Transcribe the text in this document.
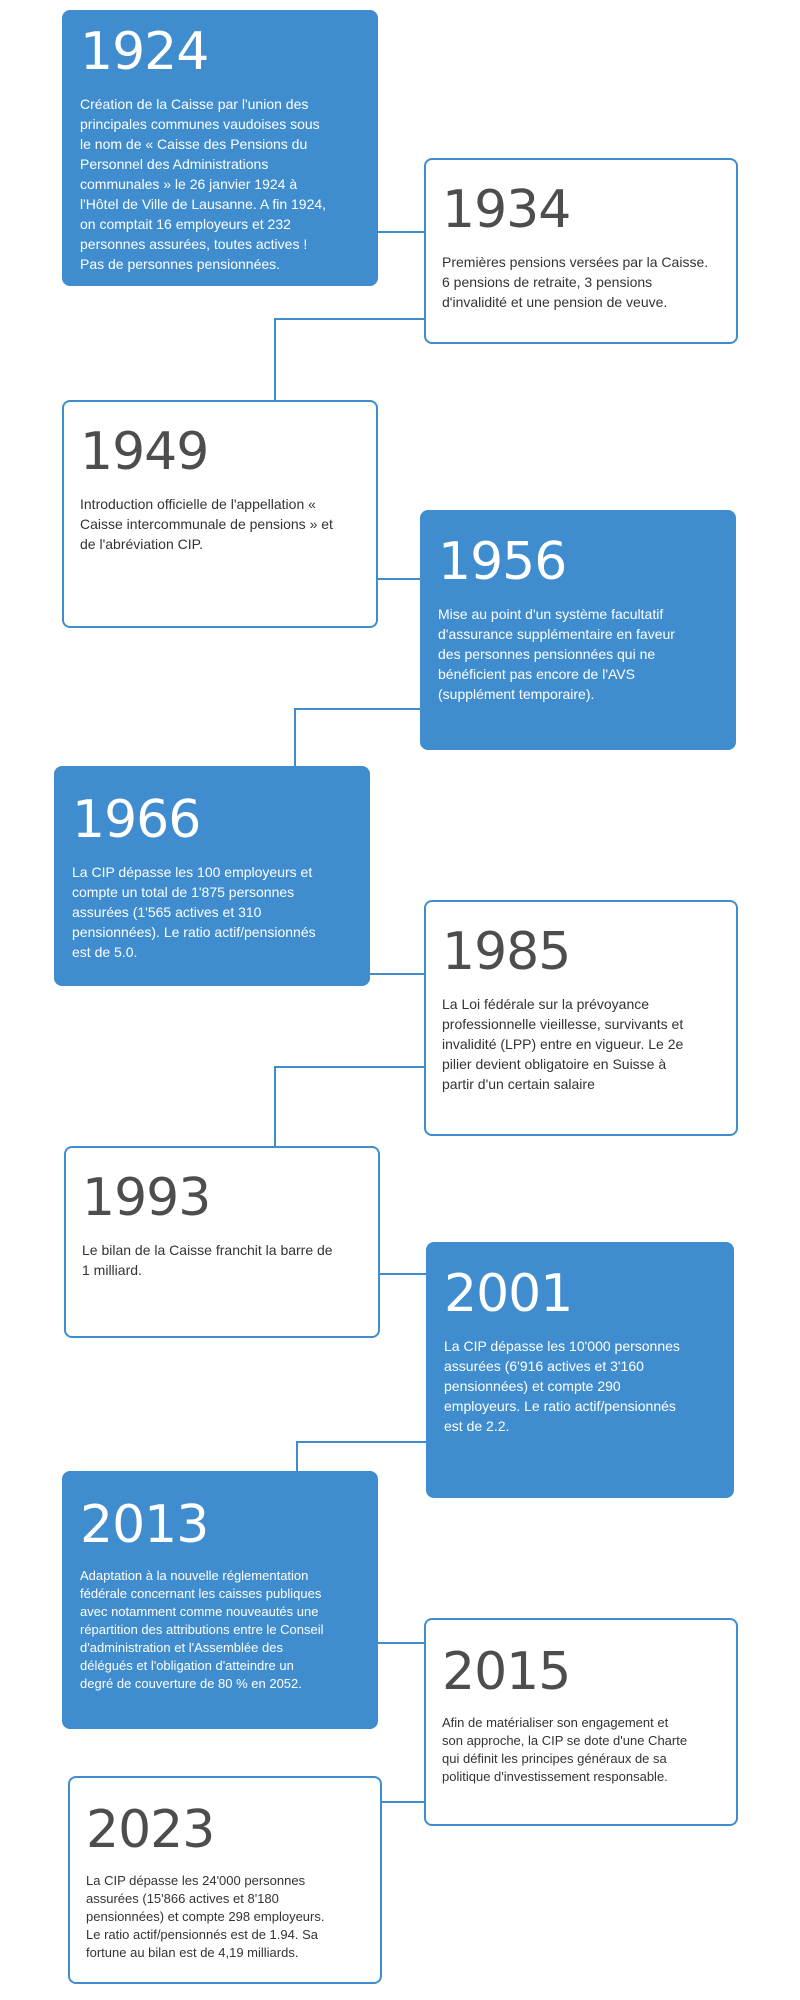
1924
Création de la Caisse par l'union des
principales communes vaudoises sous
le nom de « Caisse des Pensions du
Personnel des Administrations
communales » le 26 janvier 1924 à
l'Hôtel de Ville de Lausanne. A fin 1924,
on comptait 16 employeurs et 232
personnes assurées, toutes actives !
Pas de personnes pensionnées.
1934
Premières pensions versées par la Caisse.
6 pensions de retraite, 3 pensions
d'invalidité et une pension de veuve.
1949
Introduction officielle de l'appellation «
Caisse intercommunale de pensions » et
de l'abréviation CIP.	1956
Mise au point d'un système facultatif
d'assurance supplémentaire en faveur
des personnes pensionnées qui ne
bénéficient pas encore de l'AVS
(supplément temporaire).
1966
La CIP dépasse les 100 employeurs et
compte un total de 1'875 personnes
assurées (1'565 actives et 310
pensionnées). Le ratio actif/pensionnés
est de 5.0.	1985
La Loi fédérale sur la prévoyance
professionnelle vieillesse, survivants et
invalidité (LPP) entre en vigueur. Le 2e
pilier devient obligatoire en Suisse à
partir d'un certain salaire
1993
Le bilan de la Caisse franchit la barre de
1 milliard.	2001
La CIP dépasse les 10'000 personnes
assurées (6'916 actives et 3'160
pensionnées) et compte 290
employeurs. Le ratio actif/pensionnés
est de 2.2.
2013
Adaptation à la nouvelle réglementation
fédérale concernant les caisses publiques
avec notamment comme nouveautés une
répartition des attributions entre le Conseil
d'administration et l'Assemblée des
délégués et l'obligation d'atteindre un
degré de couverture de 80 % en 2052.	2015
Afin de matérialiser son engagement et
son approche, la CIP se dote d'une Charte
qui définit les principes généraux de sa
politique d'investissement responsable.
2023
La CIP dépasse les 24'000 personnes
assurées (15'866 actives et 8'180
pensionnées) et compte 298 employeurs.
Le ratio actif/pensionnés est de 1.94. Sa
fortune au bilan est de 4,19 milliards.
